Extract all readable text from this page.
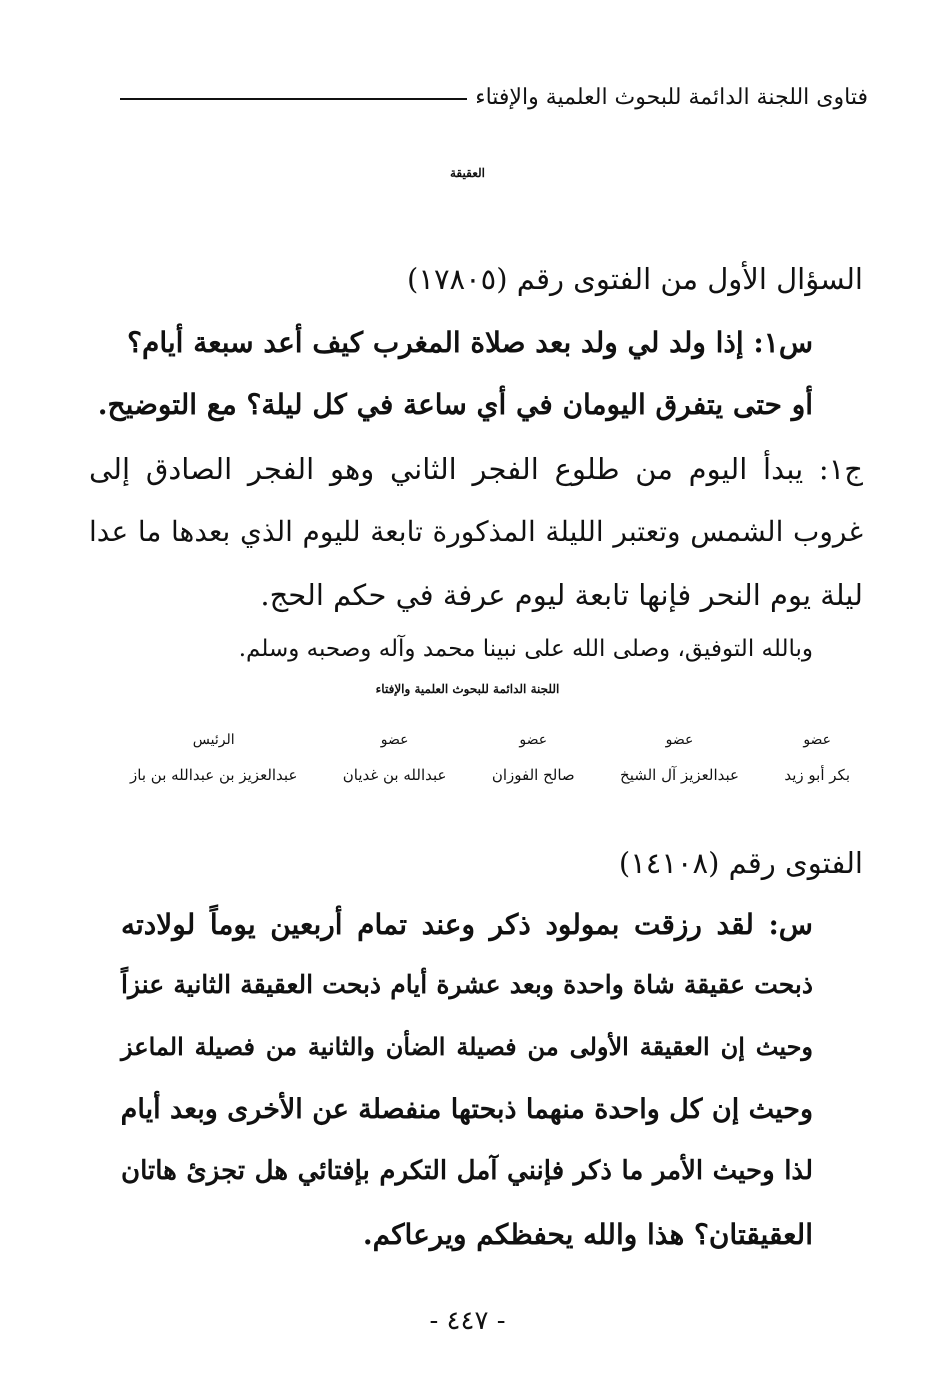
فتاوى اللجنة الدائمة للبحوث العلمية والإفتاء
العقيقة
السؤال الأول من الفتوى رقم (١٧٨٠٥)
س١: إذا ولد لي ولد بعد صلاة المغرب كيف أعد سبعة أيام؟
أو حتى يتفرق اليومان في أي ساعة في كل ليلة؟ مع التوضيح.
ج١: يبدأ اليوم من طلوع الفجر الثاني وهو الفجر الصادق إلى
غروب الشمس وتعتبر الليلة المذكورة تابعة لليوم الذي بعدها ما عدا
ليلة يوم النحر فإنها تابعة ليوم عرفة في حكم الحج.
وبالله التوفيق، وصلى الله على نبينا محمد وآله وصحبه وسلم.
اللجنة الدائمة للبحوث العلمية والإفتاء
عضو
بكر أبو زيد
عضو
عبدالعزيز آل الشيخ
عضو
صالح الفوزان
عضو
عبدالله بن غديان
الرئيس
عبدالعزيز بن عبدالله بن باز
الفتوى رقم (١٤١٠٨)
س: لقد رزقت بمولود ذكر وعند تمام أربعين يوماً لولادته
ذبحت عقيقة شاة واحدة وبعد عشرة أيام ذبحت العقيقة الثانية عنزاً
وحيث إن العقيقة الأولى من فصيلة الضأن والثانية من فصيلة الماعز
وحيث إن كل واحدة منهما ذبحتها منفصلة عن الأخرى وبعد أيام
لذا وحيث الأمر ما ذكر فإنني آمل التكرم بإفتائي هل تجزئ هاتان
العقيقتان؟ هذا والله يحفظكم ويرعاكم.
- ٤٤٧ -
